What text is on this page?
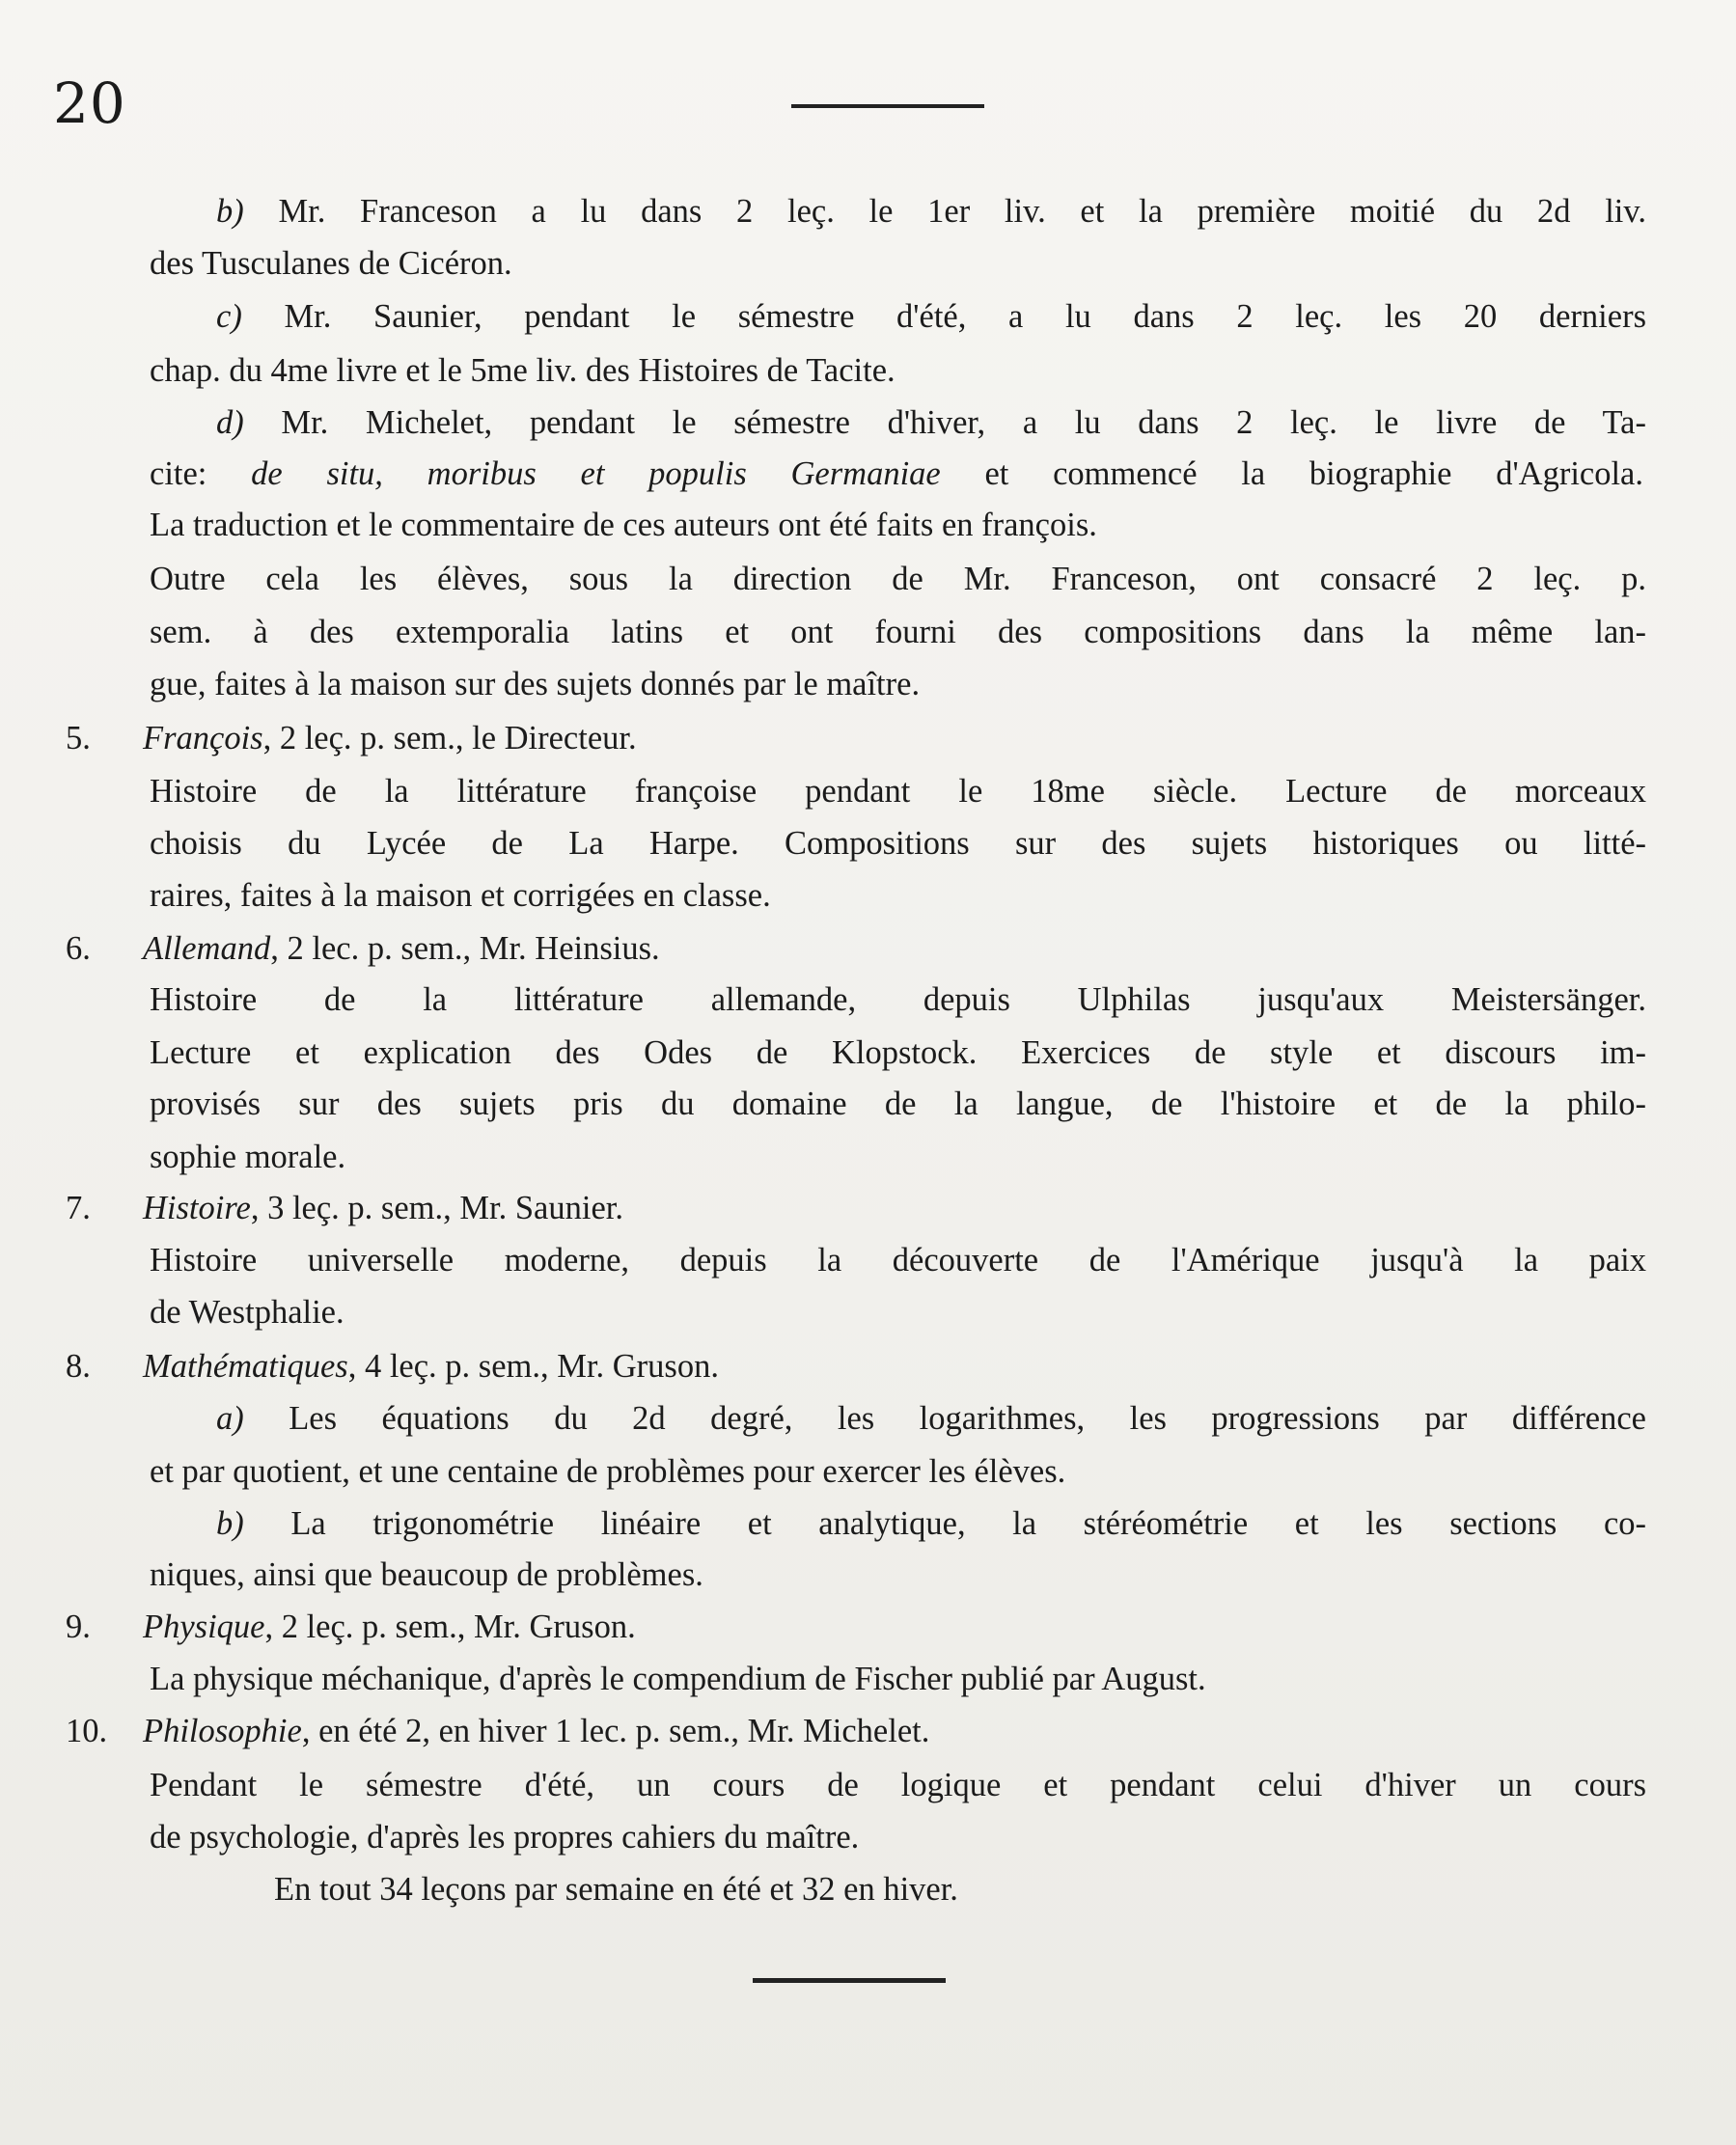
20
b) Mr. Franceson a lu dans 2 leç. le 1er liv. et la première moitié du 2d liv.
des Tusculanes de Cicéron.
c) Mr. Saunier, pendant le sémestre d'été, a lu dans 2 leç. les 20 derniers
chap. du 4me livre et le 5me liv. des Histoires de Tacite.
d) Mr. Michelet, pendant le sémestre d'hiver, a lu dans 2 leç. le livre de Ta-
cite: de situ, moribus et populis Germaniae et commencé la biographie d'Agricola.
La traduction et le commentaire de ces auteurs ont été faits en françois.
Outre cela les élèves, sous la direction de Mr. Franceson, ont consacré 2 leç. p.
sem. à des extemporalia latins et ont fourni des compositions dans la même lan-
gue, faites à la maison sur des sujets donnés par le maître.
5. François, 2 leç. p. sem., le Directeur.
Histoire de la littérature françoise pendant le 18me siècle. Lecture de morceaux
choisis du Lycée de La Harpe. Compositions sur des sujets historiques ou litté-
raires, faites à la maison et corrigées en classe.
6. Allemand, 2 lec. p. sem., Mr. Heinsius.
Histoire de la littérature allemande, depuis Ulphilas jusqu'aux Meistersänger.
Lecture et explication des Odes de Klopstock. Exercices de style et discours im-
provisés sur des sujets pris du domaine de la langue, de l'histoire et de la philo-
sophie morale.
7. Histoire, 3 leç. p. sem., Mr. Saunier.
Histoire universelle moderne, depuis la découverte de l'Amérique jusqu'à la paix
de Westphalie.
8. Mathématiques, 4 leç. p. sem., Mr. Gruson.
a) Les équations du 2d degré, les logarithmes, les progressions par différence
et par quotient, et une centaine de problèmes pour exercer les élèves.
b) La trigonométrie linéaire et analytique, la stéréométrie et les sections co-
niques, ainsi que beaucoup de problèmes.
9. Physique, 2 leç. p. sem., Mr. Gruson.
La physique méchanique, d'après le compendium de Fischer publié par August.
10. Philosophie, en été 2, en hiver 1 lec. p. sem., Mr. Michelet.
Pendant le sémestre d'été, un cours de logique et pendant celui d'hiver un cours
de psychologie, d'après les propres cahiers du maître.
En tout 34 leçons par semaine en été et 32 en hiver.
